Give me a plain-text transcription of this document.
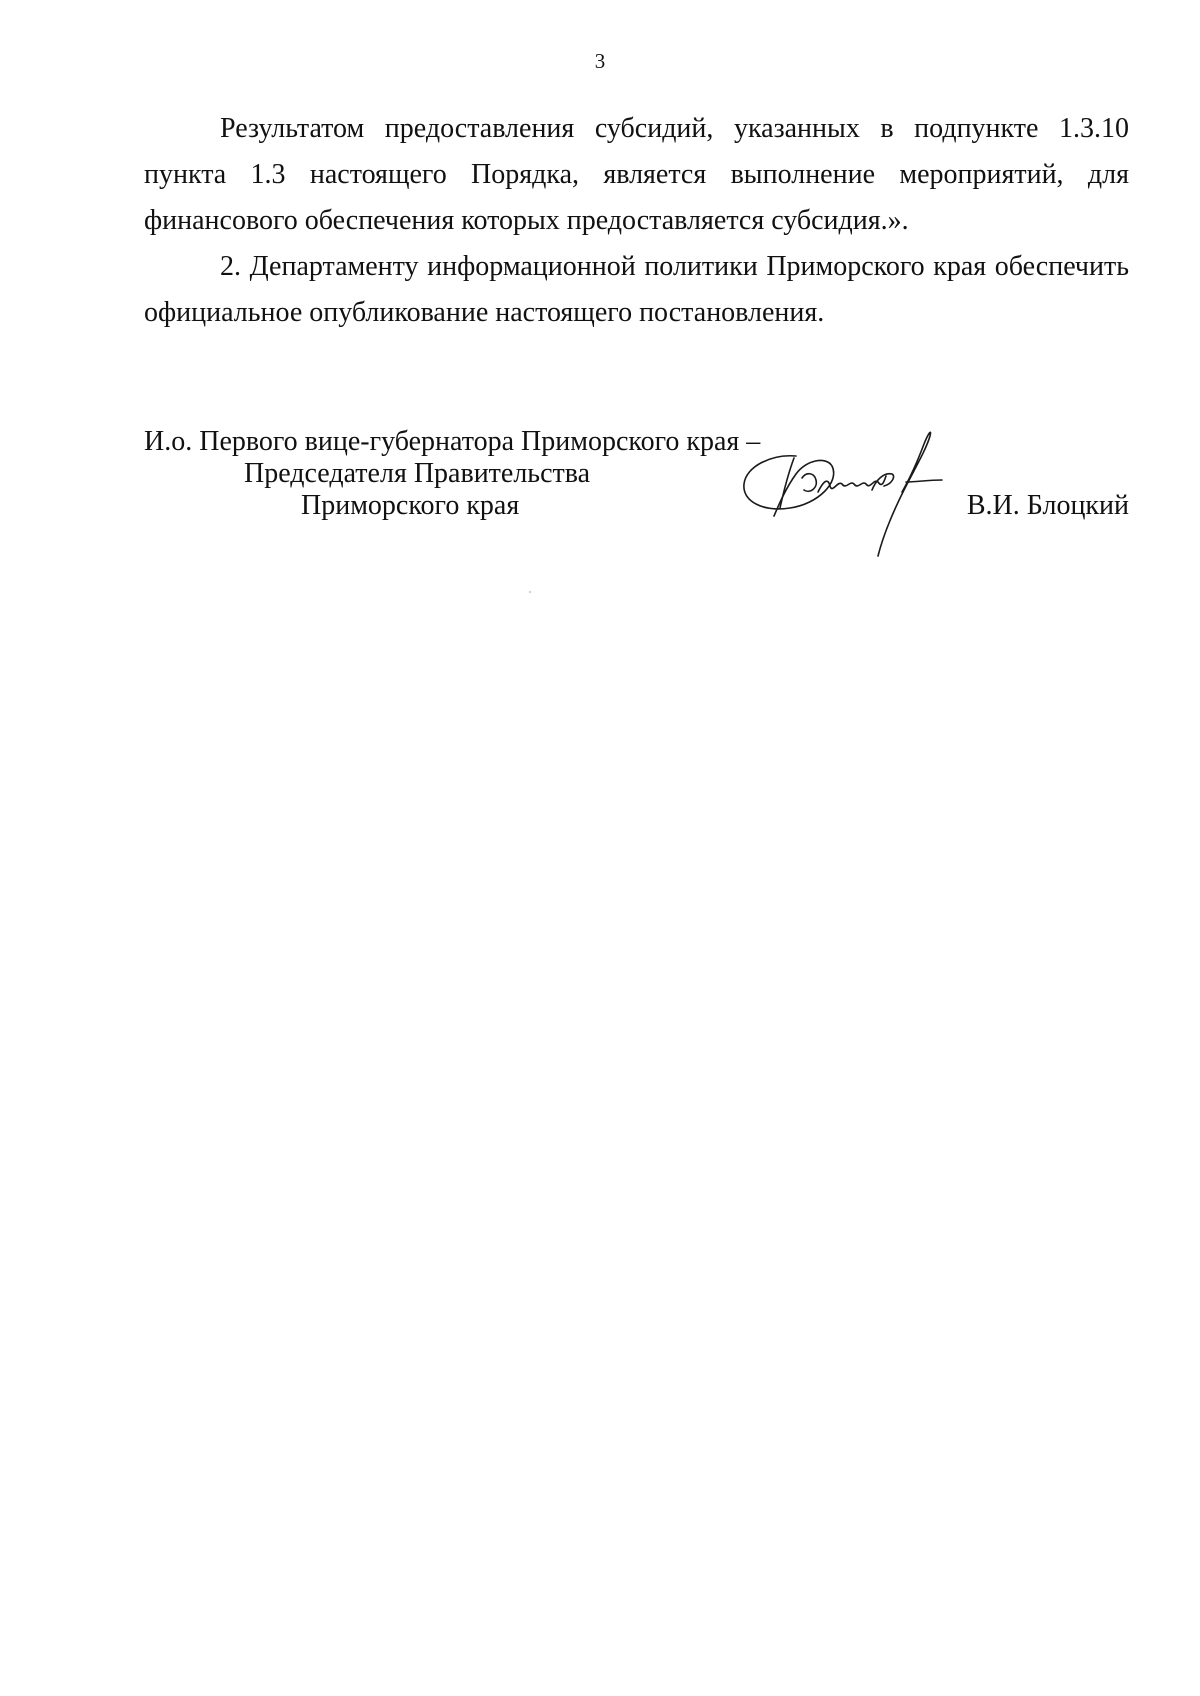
3

Результатом предоставления субсидий, указанных в подпункте 1.3.10 пункта 1.3 настоящего Порядка, является выполнение мероприятий, для финансового обеспечения которых предоставляется субсидия.».

2. Департаменту информационной политики Приморского края обеспечить официальное опубликование настоящего постановления.

И.о. Первого вице-губернатора Приморского края –
Председателя Правительства
Приморского края	В.И. Блоцкий
